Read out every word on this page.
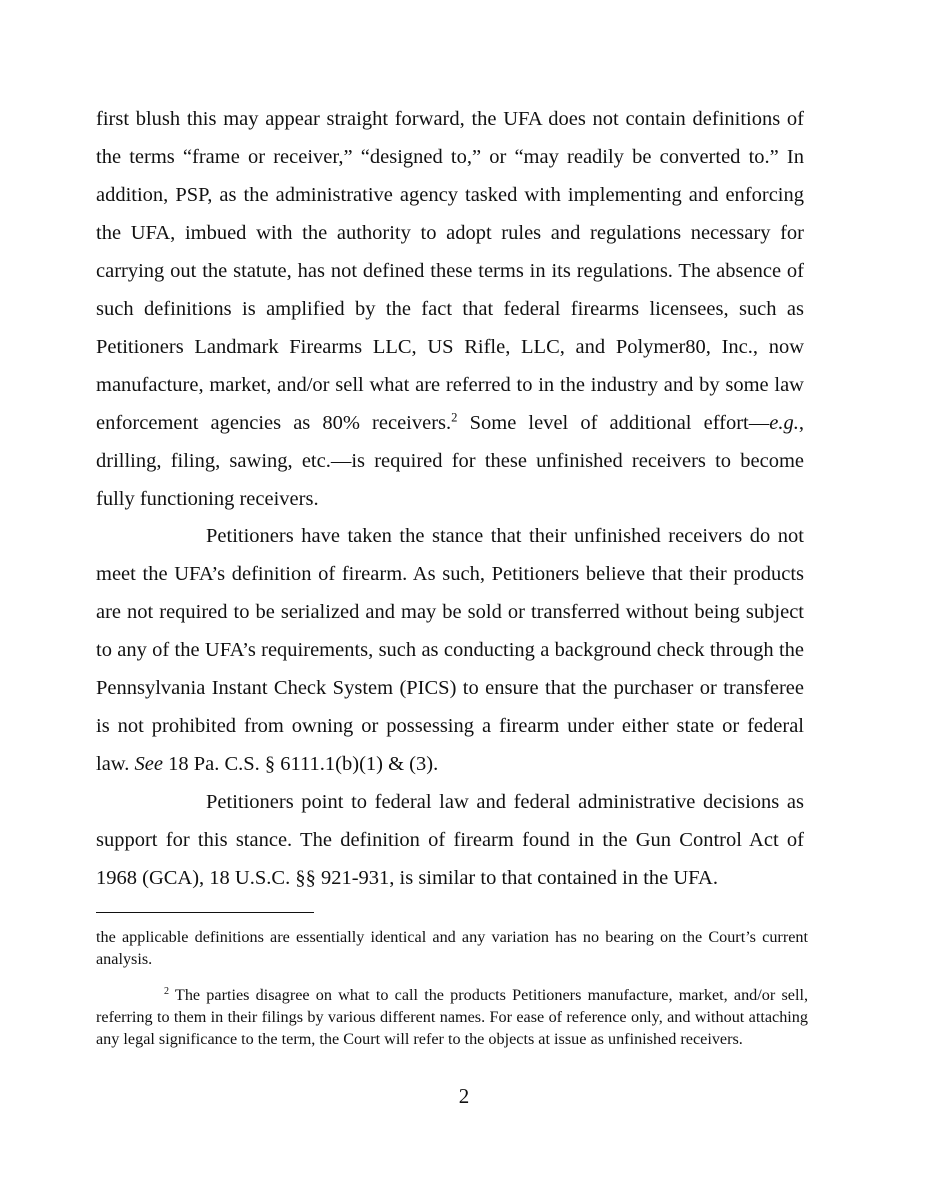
first blush this may appear straight forward, the UFA does not contain definitions of the terms “frame or receiver,” “designed to,” or “may readily be converted to.” In addition, PSP, as the administrative agency tasked with implementing and enforcing the UFA, imbued with the authority to adopt rules and regulations necessary for carrying out the statute, has not defined these terms in its regulations. The absence of such definitions is amplified by the fact that federal firearms licensees, such as Petitioners Landmark Firearms LLC, US Rifle, LLC, and Polymer80, Inc., now manufacture, market, and/or sell what are referred to in the industry and by some law enforcement agencies as 80% receivers.$^2$ Some level of additional effort—e.g., drilling, filing, sawing, etc.—is required for these unfinished receivers to become fully functioning receivers.

Petitioners have taken the stance that their unfinished receivers do not meet the UFA’s definition of firearm. As such, Petitioners believe that their products are not required to be serialized and may be sold or transferred without being subject to any of the UFA’s requirements, such as conducting a background check through the Pennsylvania Instant Check System (PICS) to ensure that the purchaser or transferee is not prohibited from owning or possessing a firearm under either state or federal law. See 18 Pa. C.S. § 6111.1(b)(1) & (3).

Petitioners point to federal law and federal administrative decisions as support for this stance. The definition of firearm found in the Gun Control Act of 1968 (GCA), 18 U.S.C. §§ 921-931, is similar to that contained in the UFA.

the applicable definitions are essentially identical and any variation has no bearing on the Court’s current analysis.

$^2$ The parties disagree on what to call the products Petitioners manufacture, market, and/or sell, referring to them in their filings by various different names. For ease of reference only, and without attaching any legal significance to the term, the Court will refer to the objects at issue as unfinished receivers.

2
